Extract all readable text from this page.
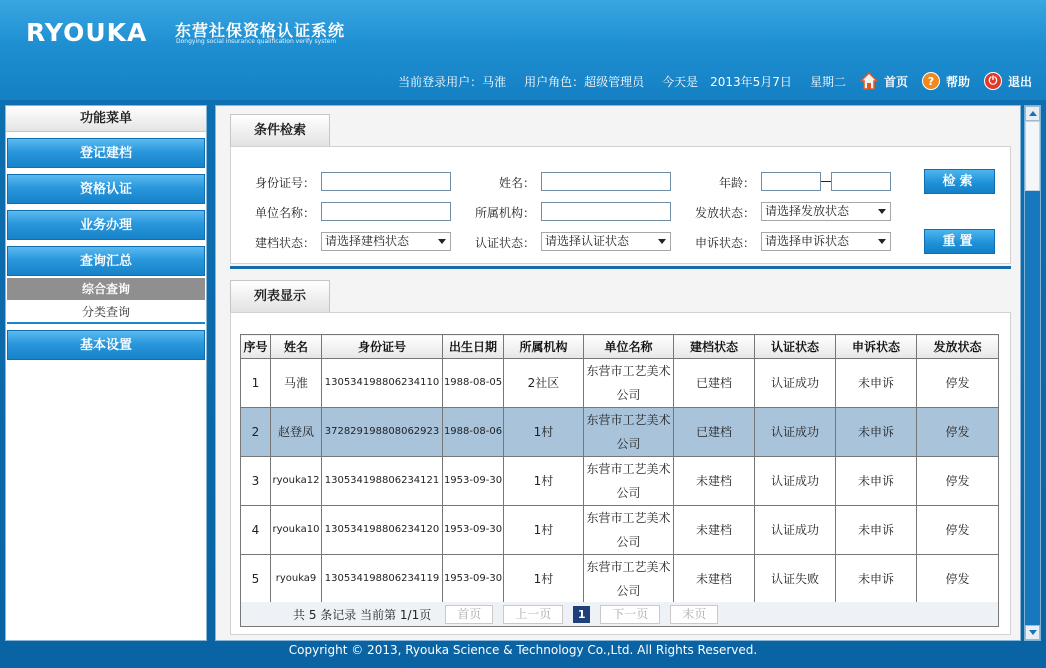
RYOUKA 东营社保资格认证系统
Dongying social insurance qualification verify system
当前登录用户：马淮 用户角色：超级管理员 今天是　2013年5月7日 星期二	首页	? 帮助	⏻ 退出
功能菜单
登记建档
资格认证
业务办理
查询汇总
综合查询
分类查询
基本设置
条件检索
身份证号：	姓名：	年龄：	检索
单位名称：	所属机构：	发放状态： 请选择发放状态
建档状态： 请选择建档状态	认证状态： 请选择认证状态	申诉状态： 请选择申诉状态	重置
列表显示
序号	姓名	身份证号	出生日期	所属机构	单位名称	建档状态	认证状态	申诉状态	发放状态
1	马淮	130534198806234110	1988-08-05	2社区	东营市工艺美术公司	已建档	认证成功	未申诉	停发
2	赵登凤	372829198808062923	1988-08-06	1村	东营市工艺美术公司	已建档	认证成功	未申诉	停发
3	ryouka12	130534198806234121	1953-09-30	1村	东营市工艺美术公司	未建档	认证成功	未申诉	停发
4	ryouka10	130534198806234120	1953-09-30	1村	东营市工艺美术公司	未建档	认证成功	未申诉	停发
5	ryouka9	130534198806234119	1953-09-30	1村	东营市工艺美术公司	未建档	认证失败	未申诉	停发
共 5 条记录 当前第 1/1页	首页	上一页	1	下一页	末页
Copyright © 2013, Ryouka Science & Technology Co.,Ltd. All Rights Reserved.
